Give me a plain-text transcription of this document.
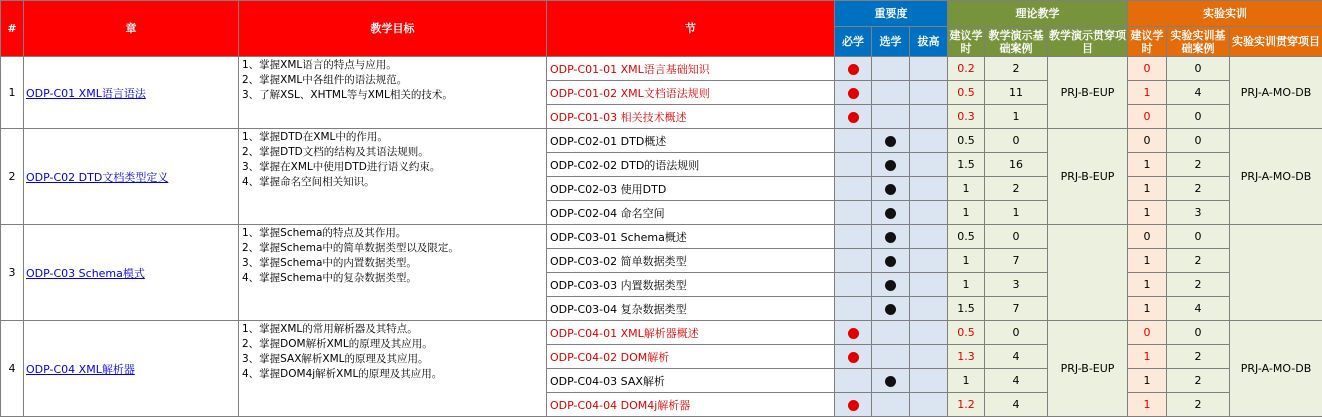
#	章	教学目标	节	重要度			理论教学			实验实训		
				必学	选学	拔高	建议学时	教学演示基础案例	教学演示贯穿项目	建议学时	实验实训基础案例	实验实训贯穿项目
1	ODP-C01 XML语言语法	1、掌握XML语言的特点与应用。
2、掌握XML中各组件的语法规范。
3、了解XSL、XHTML等与XML相关的技术。	ODP-C01-01 XML语言基础知识				0.2	2	PRJ-B-EUP	0	0	PRJ-A-MO-DB
			ODP-C01-02 XML文档语法规则				0.5	11		1	4	
			ODP-C01-03 相关技术概述				0.3	1		0	0	
2	ODP-C02 DTD文档类型定义	1、掌握DTD在XML中的作用。
2、掌握DTD文档的结构及其语法规则。
3、掌握在XML中使用DTD进行语义约束。
4、掌握命名空间相关知识。	ODP-C02-01 DTD概述				0.5	0	PRJ-B-EUP	0	0	PRJ-A-MO-DB
			ODP-C02-02 DTD的语法规则				1.5	16		1	2	
			ODP-C02-03 使用DTD				1	2		1	2	
			ODP-C02-04 命名空间				1	1		1	3	
3	ODP-C03 Schema模式	1、掌握Schema的特点及其作用。
2、掌握Schema中的简单数据类型以及限定。
3、掌握Schema中的内置数据类型。
4、掌握Schema中的复杂数据类型。	ODP-C03-01 Schema概述				0.5	0		0	0	
			ODP-C03-02 简单数据类型				1	7		1	2	
			ODP-C03-03 内置数据类型				1	3		1	2	
			ODP-C03-04 复杂数据类型				1.5	7		1	4	
4	ODP-C04 XML解析器	1、掌握XML的常用解析器及其特点。
2、掌握DOM解析XML的原理及其应用。
3、掌握SAX解析XML的原理及其应用。
4、掌握DOM4j解析XML的原理及其应用。	ODP-C04-01 XML解析器概述				0.5	0	PRJ-B-EUP	0	0	PRJ-A-MO-DB
			ODP-C04-02 DOM解析				1.3	4		1	2	
			ODP-C04-03 SAX解析				1	4		1	2	
			ODP-C04-04 DOM4j解析器				1.2	4		1	2	
